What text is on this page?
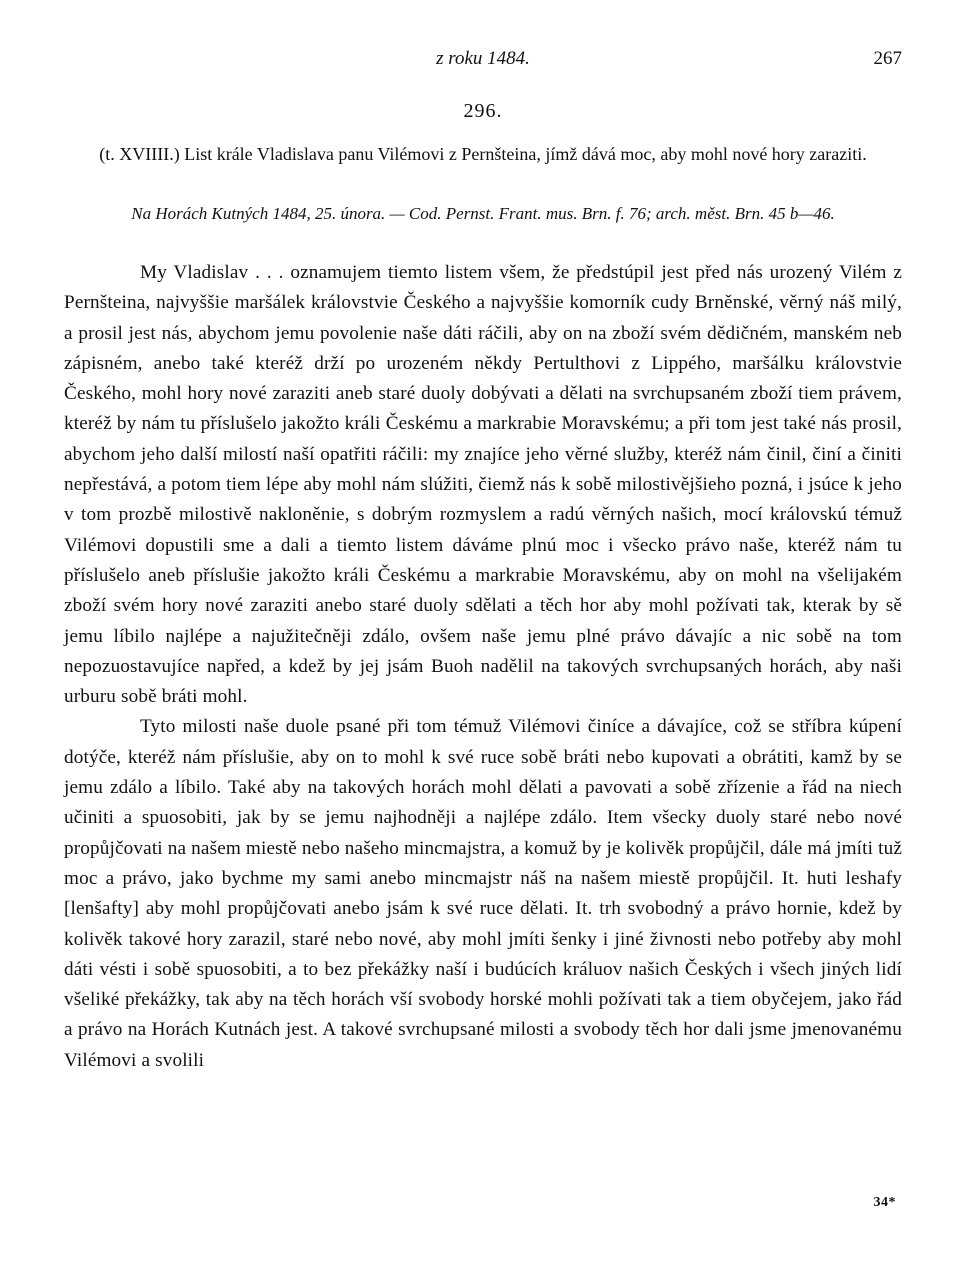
z roku 1484.	267
296.
(t. XVIIII.) List krále Vladislava panu Vilémovi z Pernšteina, jímž dává moc, aby mohl nové hory zaraziti.
Na Horách Kutných 1484, 25. února. — Cod. Pernst. Frant. mus. Brn. f. 76; arch. měst. Brn. 45 b—46.

My Vladislav . . . oznamujem tiemto listem všem, že předstúpil jest před nás urozený Vilém z Pernšteina, najvyššie maršálek královstvie Českého a najvyššie komorník cudy Brněnské, věrný náš milý, a prosil jest nás, abychom jemu povolenie naše dáti ráčili, aby on na zboží svém dědičném, manském neb zápisném, anebo také kteréž drží po urozeném někdy Pertulthovi z Lippého, maršálku královstvie Českého, mohl hory nové zaraziti aneb staré duoly dobývati a dělati na svrchupsaném zboží tiem právem, kteréž by nám tu příslušelo jakožto králi Českému a markrabie Moravskému; a při tom jest také nás prosil, abychom jeho další milostí naší opatřiti ráčili: my znajíce jeho věrné služby, kteréž nám činil, činí a činiti nepřestává, a potom tiem lépe aby mohl nám slúžiti, čiemž nás k sobě milostivějšieho pozná, i jsúce k jeho v tom prozbě milostivě nakloněnie, s dobrým rozmyslem a radú věrných našich, mocí královskú témuž Vilémovi dopustili sme a dali a tiemto listem dáváme plnú moc i všecko právo naše, kteréž nám tu příslušelo aneb příslušie jakožto králi Českému a markrabie Moravskému, aby on mohl na všelijakém zboží svém hory nové zaraziti anebo staré duoly sdělati a těch hor aby mohl požívati tak, kterak by sě jemu líbilo najlépe a najužitečněji zdálo, ovšem naše jemu plné právo dávajíc a nic sobě na tom nepozuostavujíce napřed, a kdež by jej jsám Buoh nadělil na takových svrchupsaných horách, aby naši urburu sobě bráti mohl.

Tyto milosti naše duole psané při tom témuž Vilémovi činíce a dávajíce, což se stříbra kúpení dotýče, kteréž nám příslušie, aby on to mohl k své ruce sobě bráti nebo kupovati a obrátiti, kamž by se jemu zdálo a líbilo. Také aby na takových horách mohl dělati a pavovati a sobě zřízenie a řád na niech učiniti a spuosobiti, jak by se jemu najhodněji a najlépe zdálo. Item všecky duoly staré nebo nové propůjčovati na našem miestě nebo našeho mincmajstra, a komuž by je kolivěk propůjčil, dále má jmíti tuž moc a právo, jako bychme my sami anebo mincmajstr náš na našem miestě propůjčil. It. huti leshafy [lenšafty] aby mohl propůjčovati anebo jsám k své ruce dělati. It. trh svobodný a právo hornie, kdež by kolivěk takové hory zarazil, staré nebo nové, aby mohl jmíti šenky i jiné živnosti nebo potřeby aby mohl dáti vésti i sobě spuosobiti, a to bez překážky naší i budúcích králuov našich Českých i všech jiných lidí všeliké překážky, tak aby na těch horách vší svobody horské mohli požívati tak a tiem obyčejem, jako řád a právo na Horách Kutnách jest. A takové svrchupsané milosti a svobody těch hor dali jsme jmenovanému Vilémovi a svolili

34*
